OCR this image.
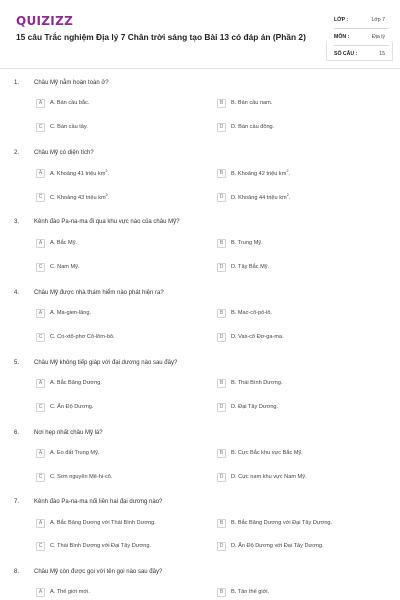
QUIZIZZ
15 câu Trắc nghiệm Địa lý 7 Chân trời sáng tạo Bài 13 có đáp án (Phần 2)
LỚP :	Lớp 7
MÔN :	Địa lý
SỐ CÂU :	15
1. Châu Mỹ nằm hoàn toàn ở?
A	A. Bán cầu bắc.	B	B. Bán cầu nam.
C	C. Bán cầu tây.	D	D. Bán cầu đông.
2. Châu Mỹ có diện tích?
A	A. Khoảng 41 triệu $km^2$.	B	B. Khoảng 42 triệu $km^2$.
C	C. Khoảng 43 triệu $km^2$.	D	D. Khoảng 44 triệu $km^2$.
3. Kênh đào Pa-na-ma đi qua khu vực nào của châu Mỹ?
A	A. Bắc Mỹ.	B	B. Trung Mỹ.
C	C. Nam Mỹ.	D	D. Tây Bắc Mỹ.
4. Châu Mỹ được nhà thám hiểm nào phát hiện ra?
A	A. Ma-gien-lăng.	B	B. Mac-cô-pô-lô.
C	C. Cri-xtô-phơ Cô-lôm-bô.	D	D. Vas-cô Đơ-ga-ma.
5. Châu Mỹ không tiếp giáp với đại dương nào sau đây?
A	A. Bắc Băng Dương.	B	B. Thái Bình Dương.
C	C. Ấn Độ Dương.	D	D. Đại Tây Dương.
6. Nơi hẹp nhất châu Mỹ là?
A	A. Eo đất Trung Mỹ.	B	B. Cực Bắc khu vực Bắc Mỹ.
C	C. Sơn nguyên Mê-hi-cô.	D	D. Cực nam khu vực Nam Mỹ.
7. Kênh đào Pa-na-ma nối liền hai đại dương nào?
A	A. Bắc Băng Dương với Thái Bình Dương.	B	B. Bắc Băng Dương với Đại Tây Dương.
C	C. Thái Bình Dương với Đại Tây Dương.	D	D. Ấn Độ Dương với Đại Tây Dương.
8. Châu Mỹ còn được gọi với tên gọi nào sau đây?
A	A. Thế giới mới.	B	B. Tân thế giới.
